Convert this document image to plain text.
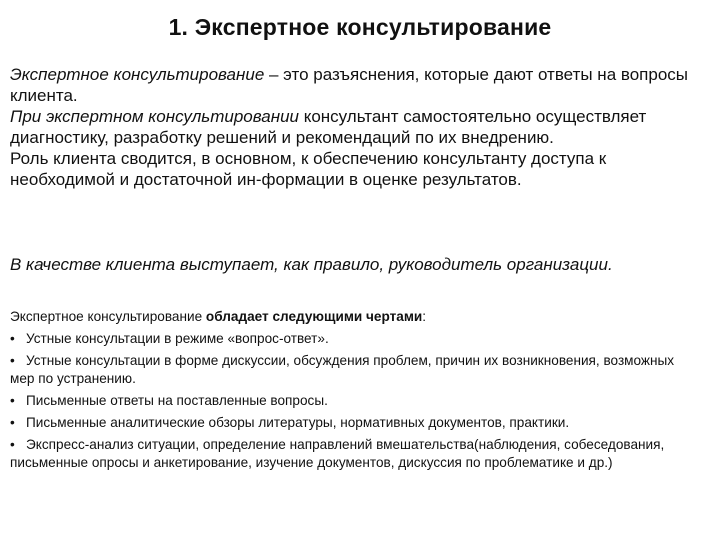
1. Экспертное консультирование
Экспертное консультирование – это разъяснения, которые дают ответы на вопросы клиента.
При экспертном консультировании консультант самостоятельно осуществляет диагностику, разработку решений и рекомендаций по их внедрению.
Роль клиента сводится, в основном, к обеспечению консультанту доступа к необходимой и достаточной ин-формации в оценке результатов.
В качестве клиента выступает, как правило, руководитель организации.
Экспертное консультирование обладает следующими чертами:
• Устные консультации в режиме «вопрос-ответ».
• Устные консультации в форме дискуссии, обсуждения проблем, причин их возникновения, возможных мер по устранению.
• Письменные ответы на поставленные вопросы.
• Письменные аналитические обзоры литературы, нормативных документов, практики.
• Экспресс-анализ ситуации, определение направлений вмешательства(наблюдения, собеседования, письменные опросы и анкетирование, изучение документов, дискуссия по проблематике и др.)
